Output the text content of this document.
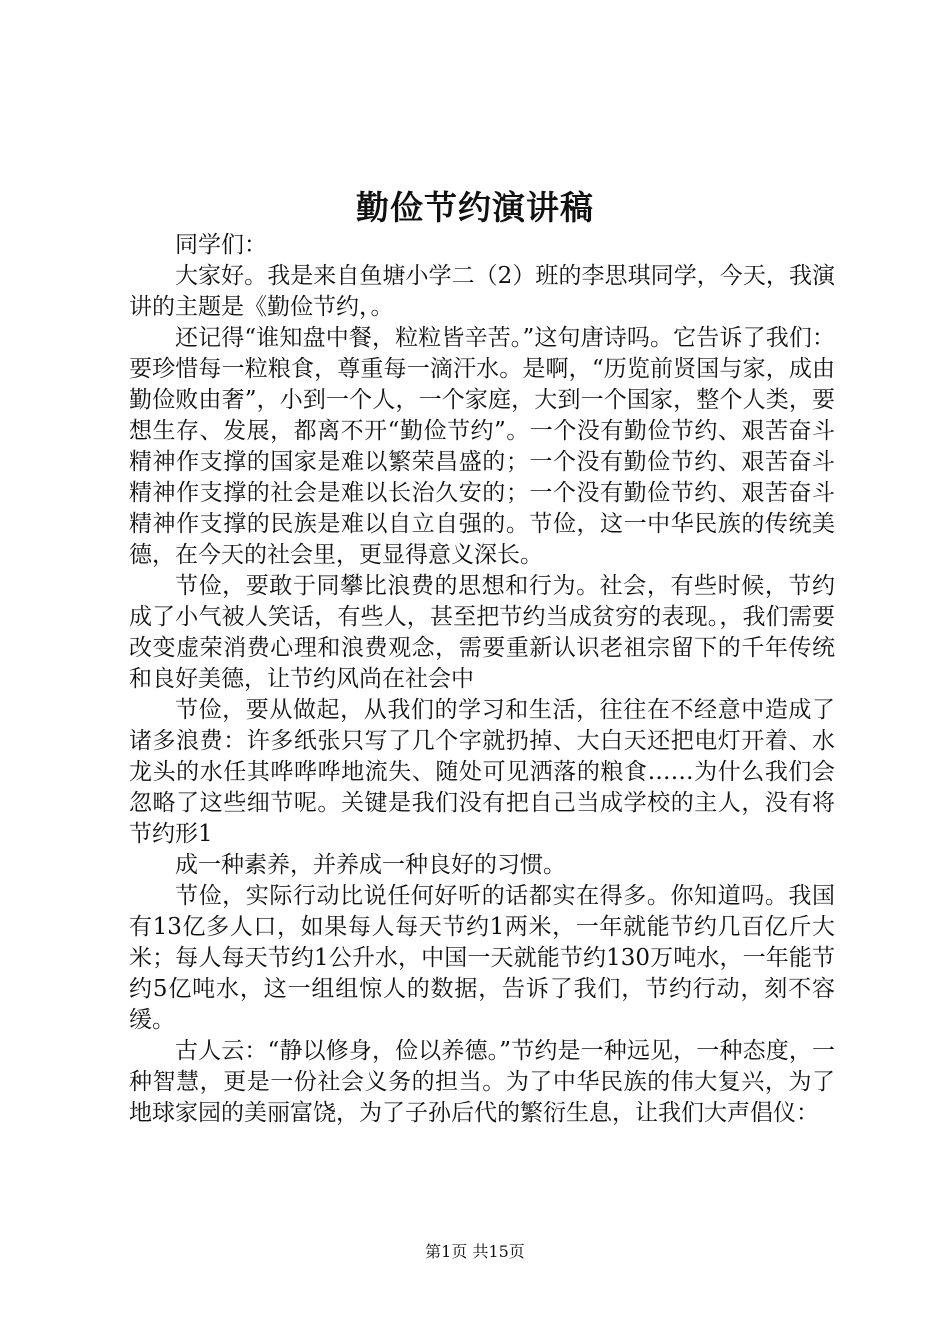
勤俭节约演讲稿

同学们：

大家好。我是来自鱼塘小学二（2）班的李思琪同学，今天，我演讲的主题是《勤俭节约，。

还记得“谁知盘中餐，粒粒皆辛苦。”这句唐诗吗。它告诉了我们：要珍惜每一粒粮食，尊重每一滴汗水。是啊，“历览前贤国与家，成由勤俭败由奢”，小到一个人，一个家庭，大到一个国家，整个人类，要想生存、发展，都离不开“勤俭节约”。一个没有勤俭节约、艰苦奋斗精神作支撑的国家是难以繁荣昌盛的；一个没有勤俭节约、艰苦奋斗精神作支撑的社会是难以长治久安的；一个没有勤俭节约、艰苦奋斗精神作支撑的民族是难以自立自强的。节俭，这一中华民族的传统美德，在今天的社会里，更显得意义深长。

节俭，要敢于同攀比浪费的思想和行为。社会，有些时候，节约成了小气被人笑话，有些人，甚至把节约当成贫穷的表现。，我们需要改变虚荣消费心理和浪费观念，需要重新认识老祖宗留下的千年传统和良好美德，让节约风尚在社会中

节俭，要从做起，从我们的学习和生活，往往在不经意中造成了诸多浪费：许多纸张只写了几个字就扔掉、大白天还把电灯开着、水龙头的水任其哗哗哗地流失、随处可见洒落的粮食……为什么我们会忽略了这些细节呢。关键是我们没有把自己当成学校的主人，没有将节约形1

成一种素养，并养成一种良好的习惯。

节俭，实际行动比说任何好听的话都实在得多。你知道吗。我国有13亿多人口，如果每人每天节约1两米，一年就能节约几百亿斤大米；每人每天节约1公升水，中国一天就能节约130万吨水，一年能节约5亿吨水，这一组组惊人的数据，告诉了我们，节约行动，刻不容缓。

古人云：“静以修身，俭以养德。”节约是一种远见，一种态度，一种智慧，更是一份社会义务的担当。为了中华民族的伟大复兴，为了地球家园的美丽富饶，为了子孙后代的繁衍生息，让我们大声倡仪：

第1页 共15页
